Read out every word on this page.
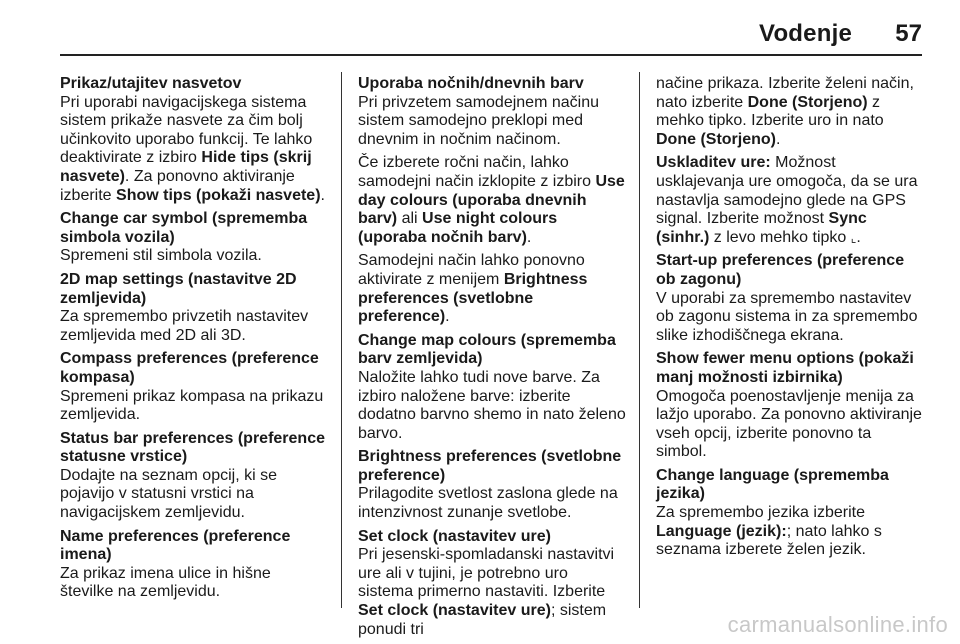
Vodenje 57
Prikaz/utajitev nasvetov
Pri uporabi navigacijskega sistema sistem prikaže nasvete za čim bolj učinkovito uporabo funkcij. Te lahko deaktivirate z izbiro Hide tips (skrij nasvete). Za ponovno aktiviranje izberite Show tips (pokaži nasvete).
Change car symbol (sprememba simbola vozila)
Spremeni stil simbola vozila.
2D map settings (nastavitve 2D zemljevida)
Za spremembo privzetih nastavitev zemljevida med 2D ali 3D.
Compass preferences (preference kompasa)
Spremeni prikaz kompasa na prikazu zemljevida.
Status bar preferences (preference statusne vrstice)
Dodajte na seznam opcij, ki se pojavijo v statusni vrstici na navigacijskem zemljevidu.
Name preferences (preference imena)
Za prikaz imena ulice in hišne številke na zemljevidu.
Uporaba nočnih/dnevnih barv
Pri privzetem samodejnem načinu sistem samodejno preklopi med dnevnim in nočnim načinom.
Če izberete ročni način, lahko samodejni način izklopite z izbiro Use day colours (uporaba dnevnih barv) ali Use night colours (uporaba nočnih barv).
Samodejni način lahko ponovno aktivirate z menijem Brightness preferences (svetlobne preference).
Change map colours (sprememba barv zemljevida)
Naložite lahko tudi nove barve. Za izbiro naložene barve: izberite dodatno barvno shemo in nato želeno barvo.
Brightness preferences (svetlobne preference)
Prilagodite svetlost zaslona glede na intenzivnost zunanje svetlobe.
Set clock (nastavitev ure)
Pri jesenski-spomladanski nastavitvi ure ali v tujini, je potrebno uro sistema primerno nastaviti. Izberite Set clock (nastavitev ure); sistem ponudi tri
načine prikaza. Izberite želeni način, nato izberite Done (Storjeno) z mehko tipko. Izberite uro in nato Done (Storjeno).
Uskladitev ure: Možnost usklajevanja ure omogoča, da se ura nastavlja samodejno glede na GPS signal. Izberite možnost Sync (sinhr.) z levo mehko tipko ⌞.
Start-up preferences (preference ob zagonu)
V uporabi za spremembo nastavitev ob zagonu sistema in za spremembo slike izhodiščnega ekrana.
Show fewer menu options (pokaži manj možnosti izbirnika)
Omogoča poenostavljenje menija za lažjo uporabo. Za ponovno aktiviranje vseh opcij, izberite ponovno ta simbol.
Change language (sprememba jezika)
Za spremembo jezika izberite Language (jezik):; nato lahko s seznama izberete želen jezik.
carmanualsonline.info
